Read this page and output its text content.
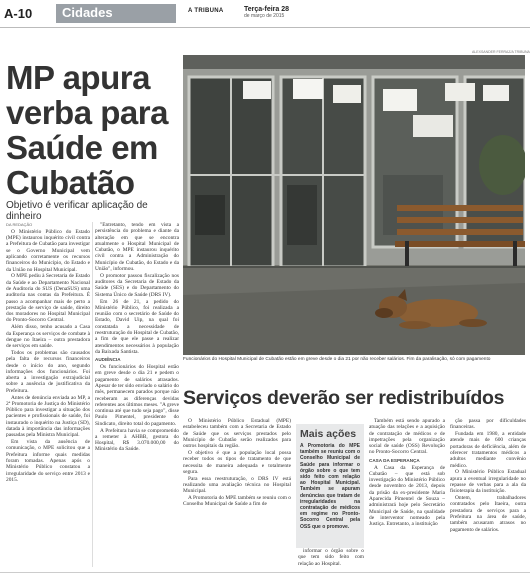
A-10	Cidades	A TRIBUNA	Terça-feira 28
de março de 2015
MP apura verba para Saúde em Cubatão
Objetivo é verificar aplicação de dinheiro

DA REDAÇÃO

O Ministério Público do Estado (MPE) instaurou inquérito civil contra a Prefeitura de Cubatão para investigar se o Governo Municipal vem aplicando corretamente os recursos financeiros do Município, do Estado e da União no Hospital Municipal.

O MPE pediu à Secretaria de Estado da Saúde e ao Departamento Nacional de Auditoria do SUS (DenaSUS) uma auditoria nas contas da Prefeitura. É passo a acompanhar mais de perto a prestação de serviço de saúde, direito dos moradores no Hospital Municipal do Pronto-Socorro Central.

Além disso, tenho acusado a Casa da Esperança os serviços de combate à dengue no Itaeira – outra prestadora de serviços em saúde.

Todos os problemas são causados pela falta de recursos financeiros desde o início do ano, segundo informações dos funcionários. Foi aberta a investigação extrajudicial sobre a ausência de justificativa da Prefeitura.

Antes de denúncia enviada ao MP, a 2ª Promotoria de Justiça do Ministério Público para investigar a situação dos pacientes e profissionais de saúde, foi instaurado o inquérito na Justiça (SD), datada à importância das informações passadas pela Ministra Municipal.

Em vista da ausência de comunicação, o MPE solicitou que a Prefeitura informe quais medidas foram tomadas. Apenas após o Ministério Público constatou a irregularidade do serviço entre 2013 e 2015.

"Entretanto, tendo em vista a persistência do problema e diante da alteração em que se encontra atualmente o Hospital Municipal de Cubatão, o MPE instaurou inquérito civil contra a Administração do Município de Cubatão, do Estado e da União", informou.

O promotor passou fiscalização nos auditores da Secretaria de Estado da Saúde (SES) e do Departamento do Sistema Único de Saúde (DRS IV).

Em 26 de 21, a pedido do Ministério Público, foi realizada a reunião com o secretário de Saúde do Estado, David Uip, na qual foi constatada a necessidade de reestruturação do Hospital de Cubatão, a fim de que ele passe a realizar atendimentos necessários à população da Baixada Santista.

AUDIÊNCIA

Os funcionários do Hospital estão em greve desde o dia 21 e pedem o pagamento de salários atrasados. Apesar de ter sido enviado o salário do mês, permanecem parados porque não receberam as diferenças devidas referentes aos últimos meses. "A greve continua até que tudo seja pago", disse Paulo Pimentel, presidente do Sindicato, direito total do pagamento.

A Prefeitura havia se comprometido a remeter à AHBB, gestora do Hospital, R$ 3.070.000,00 do Ministério da Saúde.

ALEXSANDER FERRAZ/A TRIBUNA
Funcionários do Hospital Municipal de Cubatão estão em greve desde o dia 21 por não receber salários. Fim da paralisação, só com pagamento
Serviços deverão ser redistribuídos

O Ministério Público Estadual (MPE) estabeleceu também com a Secretaria de Estado de Saúde que os serviços prestados pelo Município de Cubatão serão realizados para outros hospitais da região.

O objetivo é que a população local possa receber todos os tipos de tratamento de que necessita de maneira adequada e totalmente segura.

Para essa reestruturação, o DRS IV está realizando uma avaliação técnica no Hospital Municipal.

A Promotoria do MPE também se reuniu com o Conselho Municipal de Saúde a fim de

informar o órgão sobre o que tem sido feito com relação ao Hospital.

Também está sendo apurado a atuação das relações e a aquisição de contratação de médicos e de impetrações pela organização social de saúde (OSS) Revolução no Pronto-Socorro Central.

CASA DA ESPERANÇA

A Casa da Esperança de Cubatão – que está sob investigação do Ministério Público desde novembro de 2013, depois da prisão da ex-presidente Maria Aparecida Pimentel de Souza – administrará hoje pelo Secretário Municipal de Saúde, na qualidade de interventor nomeado pela Justiça. Entretanto, a instituição

ção passa por dificuldades financeiras.

Fundada em 1980, a entidade atende mais de 600 crianças portadoras de deficiência, além de oferecer tratamentos médicos a adultos mediante convênio médico.

O Ministério Público Estadual apura a eventual irregularidade no repasse de verbas para a ala da fisioterapia da instituição.

Ontem, trabalhadores contratados pelo Itaeira, outra prestadora de serviços para a Prefeitura na área de saúde, também acusaram atrasos no pagamento de salários.

Mais ações
A Promotoria do MPE também se reuniu com o Conselho Municipal de Saúde para informar o órgão sobre o que tem sido feito com relação ao Hospital Municipal. Também se apuram denúncias que tratam de irregularidades na contratação de médicos em regime no Pronto-Socorro Central pela OSS que o promove.
